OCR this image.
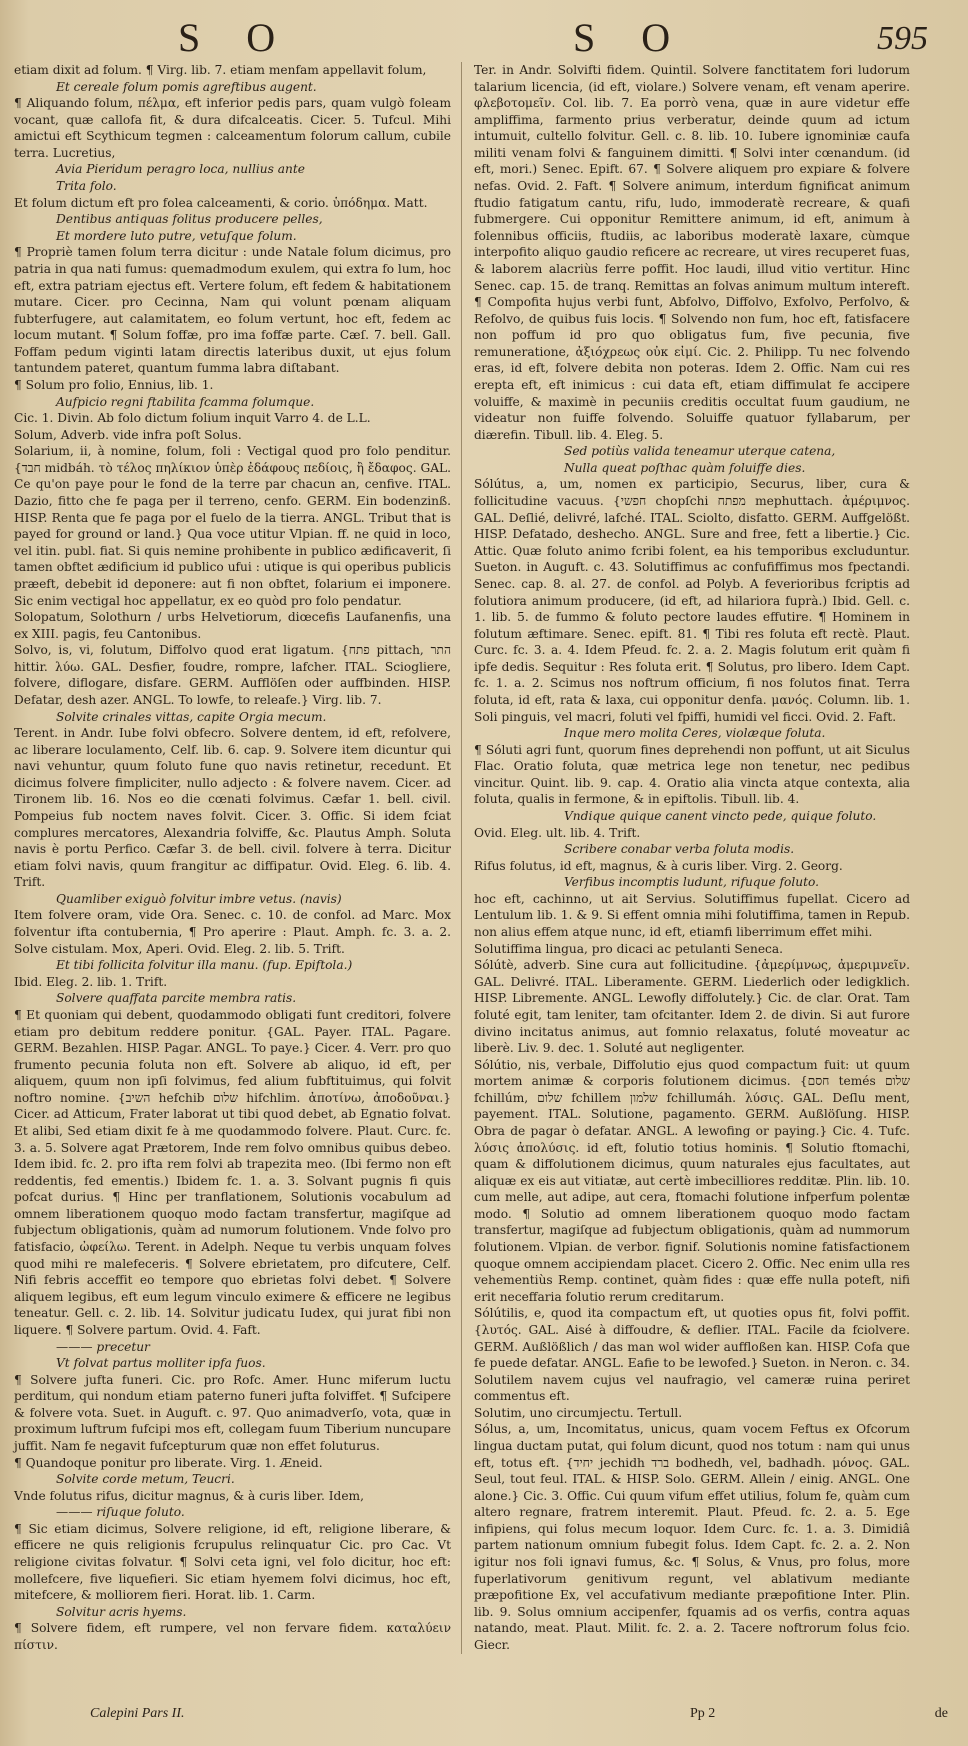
S O	S O	595

etiam dixit ad folum. ¶ Virg. lib. 7. etiam menfam appellavit folum,

Et cereale folum pomis agreftibus augent.

¶ Aliquando folum, πέλμα, eft inferior pedis pars, quam vulgò foleam vocant, quæ callofa fit, & dura difcalceatis. Cicer. 5. Tufcul. Mihi amictui eft Scythicum tegmen : calceamentum folorum callum, cubile terra. Lucretius,

Avia Pieridum peragro loca, nullius ante

Trita folo.

Et folum dictum eft pro folea calceamenti, & corio. ὑπόδημα. Matt.

Dentibus antiquas folitus producere pelles,

Et mordere luto putre, vetuſque folum.

¶ Propriè tamen folum terra dicitur : unde Natale folum dicimus, pro patria in qua nati fumus: quemadmodum exulem, qui extra fo lum, hoc eft, extra patriam ejectus eft. Vertere folum, eft fedem & habitationem mutare. Cicer. pro Cecinna, Nam qui volunt pœnam aliquam fubterfugere, aut calamitatem, eo folum vertunt, hoc eft, fedem ac locum mutant. ¶ Solum foffæ, pro ima foffæ parte. Cæſ. 7. bell. Gall. Foffam pedum viginti latam directis lateribus duxit, ut ejus folum tantundem pateret, quantum fumma labra diſtabant.

¶ Solum pro folio, Ennius, lib. 1.

Aufpicio regni ftabilita fcamma folumque.

Cic. 1. Divin. Ab folo dictum folium inquit Varro 4. de L.L.

Solum, Adverb. vide infra poſt Solus.

Solarium, ii, à nomine, folum, foli : Vectigal quod pro folo penditur. {חבד midbáh. τὸ τέλος πηλίκιον ὑπὲρ ἐδάφους πεδίοις, ἢ ἔδαφος. GAL. Ce qu'on paye pour le fond de la terre par chacun an, cenfive. ITAL. Dazio, fitto che fe paga per il terreno, cenfo. GERM. Ein bodenzinß. HISP. Renta que fe paga por el fuelo de la tierra. ANGL. Tribut that is payed for ground or land.} Qua voce utitur Vlpian. ff. ne quid in loco, vel itin. publ. fiat. Si quis nemine prohibente in publico ædificaverit, ſi tamen obftet ædificium id publico ufui : utique is qui operibus publicis præeft, debebit id deponere: aut fi non obftet, folarium ei imponere. Sic enim vectigal hoc appellatur, ex eo quòd pro folo pendatur.

Solopatum, Solothurn / urbs Helvetiorum, diœcefis Laufanenfis, una ex XIII. pagis, feu Cantonibus.

Solvo, is, vi, folutum, Diffolvo quod erat ligatum. {פתח pittach, התר hittir. λύω. GAL. Desfier, foudre, rompre, lafcher. ITAL. Sciogliere, folvere, diflogare, disfare. GERM. Aufflöſen oder auffbinden. HISP. Defatar, desh azer. ANGL. To lowfe, to releafe.} Virg. lib. 7.

Solvite crinales vittas, capite Orgia mecum.

Terent. in Andr. Iube folvi obfecro. Solvere dentem, id eft, refolvere, ac liberare loculamento, Celf. lib. 6. cap. 9. Solvere item dicuntur qui navi vehuntur, quum foluto fune quo navis retinetur, recedunt. Et dicimus folvere fimpliciter, nullo adjecto : & folvere navem. Cicer. ad Tironem lib. 16. Nos eo die cœnati folvimus. Cæfar 1. bell. civil. Pompeius fub noctem naves folvit. Cicer. 3. Offic. Si idem fciat complures mercatores, Alexandria folviffe, &c. Plautus Amph. Soluta navis è portu Perfico. Cæfar 3. de bell. civil. folvere à terra. Dicitur etiam folvi navis, quum frangitur ac diffipatur. Ovid. Eleg. 6. lib. 4. Trift.

Quamliber exiguò folvitur imbre vetus. (navis)

Item folvere oram, vide Ora. Senec. c. 10. de confol. ad Marc. Mox folventur ifta contubernia, ¶ Pro aperire : Plaut. Amph. fc. 3. a. 2. Solve cistulam. Mox, Aperi. Ovid. Eleg. 2. lib. 5. Trift.

Et tibi follicita folvitur illa manu. (fup. Epiftola.)

Ibid. Eleg. 2. lib. 1. Trift.

Solvere quaffata parcite membra ratis.

¶ Et quoniam qui debent, quodammodo obligati funt creditori, folvere etiam pro debitum reddere ponitur. {GAL. Payer. ITAL. Pagare. GERM. Bezahlen. HISP. Pagar. ANGL. To paye.} Cicer. 4. Verr. pro quo frumento pecunia foluta non eft. Solvere ab aliquo, id eft, per aliquem, quum non ipſi folvimus, fed alium fubftituimus, qui folvit noftro nomine. {השיב hefchib שלום hifchlim. ἀποτίνω, ἀποδοῦναι.} Cicer. ad Atticum, Frater laborat ut tibi quod debet, ab Egnatio folvat. Et alibi, Sed etiam dixit fe à me quodammodo folvere. Plaut. Curc. fc. 3. a. 5. Solvere agat Prætorem, Inde rem folvo omnibus quibus debeo. Idem ibid. fc. 2. pro ifta rem folvi ab trapezita meo. (Ibi fermo non eft reddentis, fed ementis.) Ibidem fc. 1. a. 3. Solvant pugnis fi quis pofcat durius. ¶ Hinc per tranflationem, Solutionis vocabulum ad omnem liberationem quoquo modo factam transfertur, magiſque ad fubjectum obligationis, quàm ad numorum folutionem. Vnde folvo pro fatisfacio, ὠφείλω. Terent. in Adelph. Neque tu verbis unquam folves quod mihi re malefeceris. ¶ Solvere ebrietatem, pro difcutere, Celf. Nifi febris acceffit eo tempore quo ebrietas folvi debet. ¶ Solvere aliquem legibus, eft eum legum vinculo eximere & efficere ne legibus teneatur. Gell. c. 2. lib. 14. Solvitur judicatu Iudex, qui jurat fibi non liquere. ¶ Solvere partum. Ovid. 4. Faft.

——— precetur

Vt folvat partus molliter ipfa fuos.

¶ Solvere jufta funeri. Cic. pro Rofc. Amer. Hunc miferum luctu perditum, qui nondum etiam paterno funeri jufta folviffet. ¶ Sufcipere & folvere vota. Suet. in Auguft. c. 97. Quo animadverſo, vota, quæ in proximum luftrum fufcipi mos eft, collegam fuum Tiberium nuncupare juffit. Nam fe negavit fufcepturum quæ non effet foluturus.

¶ Quandoque ponitur pro liberate. Virg. 1. Æneid.

Solvite corde metum, Teucri.

Vnde folutus rifus, dicitur magnus, & à curis liber. Idem,

——— riſuque foluto.

¶ Sic etiam dicimus, Solvere religione, id eft, religione liberare, & efficere ne quis religionis fcrupulus relinquatur Cic. pro Cac. Vt religione civitas folvatur. ¶ Solvi ceta igni, vel folo dicitur, hoc eft: mollefcere, five liquefieri. Sic etiam hyemem folvi dicimus, hoc eft, mitefcere, & molliorem fieri. Horat. lib. 1. Carm.

Solvitur acris hyems.

¶ Solvere fidem, eft rumpere, vel non fervare fidem. καταλύειν πίστιν.

Ter. in Andr. Solvifti fidem. Quintil. Solvere fanctitatem fori ludorum talarium licencia, (id eft, violare.) Solvere venam, eft venam aperire. φλεβοτομεῖν. Col. lib. 7. Ea porrò vena, quæ in aure videtur effe ampliffima, farmento prius verberatur, deinde quum ad ictum intumuit, cultello folvitur. Gell. c. 8. lib. 10. Iubere ignominiæ caufa militi venam folvi & fanguinem dimitti. ¶ Solvi inter cœnandum. (id eft, mori.) Senec. Epift. 67. ¶ Solvere aliquem pro expiare & folvere nefas. Ovid. 2. Faft. ¶ Solvere animum, interdum fignificat animum ftudio fatigatum cantu, rifu, ludo, immoderatè recreare, & quafi fubmergere. Cui opponitur Remittere animum, id eft, animum à folennibus officiis, ftudiis, ac laboribus moderatè laxare, cùmque interpofito aliquo gaudio reficere ac recreare, ut vires recuperet fuas, & laborem alacriùs ferre poffit. Hoc laudi, illud vitio vertitur. Hinc Senec. cap. 15. de tranq. Remittas an folvas animum multum intereft. ¶ Compofita hujus verbi funt, Abfolvo, Diffolvo, Exfolvo, Perfolvo, & Refolvo, de quibus fuis locis. ¶ Solvendo non fum, hoc eft, fatisfacere non poffum id pro quo obligatus fum, five pecunia, five remuneratione, ἀξιόχρεως οὐκ εἰμί. Cic. 2. Philipp. Tu nec folvendo eras, id eft, folvere debita non poteras. Idem 2. Offic. Nam cui res erepta eft, eft inimicus : cui data eft, etiam diffimulat fe accipere voluiffe, & maximè in pecuniis creditis occultat fuum gaudium, ne videatur non fuiffe folvendo. Soluiffe quatuor fyllabarum, per diærefin. Tibull. lib. 4. Eleg. 5.

Sed potiùs valida teneamur uterque catena,

Nulla queat poſthac quàm foluiffe dies.

Sólútus, a, um, nomen ex participio, Securus, liber, cura & follicitudine vacuus. {חפשי chopſchi מפתח mephuttach. ἀμέριμνος. GAL. Deſlié, delivré, lafché. ITAL. Sciolto, disfatto. GERM. Auffgelößt. HISP. Defatado, deshecho. ANGL. Sure and free, fett a libertie.} Cic. Attic. Quæ foluto animo fcribi folent, ea his temporibus excluduntur. Sueton. in Auguft. c. 43. Solutiffimus ac confufiffimus mos fpectandi. Senec. cap. 8. al. 27. de confol. ad Polyb. A feverioribus fcriptis ad folutiora animum producere, (id eft, ad hilariora fuprà.) Ibid. Gell. c. 1. lib. 5. de fummo & foluto pectore laudes effutire. ¶ Hominem in folutum æftimare. Senec. epift. 81. ¶ Tibi res foluta eft rectè. Plaut. Curc. fc. 3. a. 4. Idem Pfeud. fc. 2. a. 2. Magis folutum erit quàm fi ipfe dedis. Sequitur : Res foluta erit. ¶ Solutus, pro libero. Idem Capt. fc. 1. a. 2. Scimus nos noftrum officium, fi nos folutos finat. Terra foluta, id eft, rata & laxa, cui opponitur denfa. μανός. Column. lib. 1. Soli pinguis, vel macri, foluti vel fpiffi, humidi vel ficci. Ovid. 2. Faft.

Inque mero molita Ceres, violæque foluta.

¶ Sóluti agri funt, quorum fines deprehendi non poffunt, ut ait Siculus Flac. Oratio foluta, quæ metrica lege non tenetur, nec pedibus vincitur. Quint. lib. 9. cap. 4. Oratio alia vincta atque contexta, alia foluta, qualis in fermone, & in epiftolis. Tibull. lib. 4.

Vndique quique canent vincto pede, quique foluto.

Ovid. Eleg. ult. lib. 4. Trift.

Scribere conabar verba foluta modis.

Rifus folutus, id eft, magnus, & à curis liber. Virg. 2. Georg.

Verfibus incomptis ludunt, rifuque foluto.

hoc eft, cachinno, ut ait Servius. Solutiffimus fupellat. Cicero ad Lentulum lib. 1. & 9. Si effent omnia mihi folutiffima, tamen in Repub. non alius effem atque nunc, id eft, etiamfi liberrimum effet mihi.

Solutiffima lingua, pro dicaci ac petulanti Seneca.

Sólútè, adverb. Sine cura aut follicitudine. {ἀμερίμνως, ἀμεριμνεῖν. GAL. Delivré. ITAL. Liberamente. GERM. Liederlich oder ledigklich. HISP. Libremente. ANGL. Lewofly diffolutely.} Cic. de clar. Orat. Tam foluté egit, tam leniter, tam ofcitanter. Idem 2. de divin. Si aut furore divino incitatus animus, aut fomnio relaxatus, foluté moveatur ac liberè. Liv. 9. dec. 1. Soluté aut negligenter.

Sólútio, nis, verbale, Diffolutio ejus quod compactum fuit: ut quum mortem animæ & corporis folutionem dicimus. {חסם temés שלום fchillúm, שלום fchillem שלמון fchillumáh. λύσις. GAL. Deſlu ment, payement. ITAL. Solutione, pagamento. GERM. Außlöſung. HISP. Obra de pagar ò defatar. ANGL. A lewofing or paying.} Cic. 4. Tufc. λύσις ἀπολύσις. id eft, folutio totius hominis. ¶ Solutio ftomachi, quam & diffolutionem dicimus, quum naturales ejus facultates, aut aliquæ ex eis aut vitiatæ, aut certè imbecilliores redditæ. Plin. lib. 10. cum melle, aut adipe, aut cera, ftomachi folutione infperfum polentæ modo. ¶ Solutio ad omnem liberationem quoquo modo factam transfertur, magiſque ad fubjectum obligationis, quàm ad nummorum folutionem. Vlpian. de verbor. fignif. Solutionis nomine fatisfactionem quoque omnem accipiendam placet. Cicero 2. Offic. Nec enim ulla res vehementiùs Remp. continet, quàm fides : quæ effe nulla poteft, nifi erit neceffaria folutio rerum creditarum.

Sólútilis, e, quod ita compactum eft, ut quoties opus fit, folvi poffit. {λυτός. GAL. Aisé à diffoudre, & deflier. ITAL. Facile da fciolvere. GERM. Außlößlich / das man wol wider auffloßen kan. HISP. Cofa que fe puede defatar. ANGL. Eafie to be lewofed.} Sueton. in Neron. c. 34. Solutilem navem cujus vel naufragio, vel cameræ ruina periret commentus eft.

Solutim, uno circumjectu. Tertull.

Sólus, a, um, Incomitatus, unicus, quam vocem Feftus ex Ofcorum lingua ductam putat, qui folum dicunt, quod nos totum : nam qui unus eft, totus eft. {יחיד jechidh ברד bodhedh, vel, badhadh. μόνος. GAL. Seul, tout feul. ITAL. & HISP. Solo. GERM. Allein / einig. ANGL. One alone.} Cic. 3. Offic. Cui quum vifum effet utilius, folum fe, quàm cum altero regnare, fratrem interemit. Plaut. Pfeud. fc. 2. a. 5. Ege infipiens, qui folus mecum loquor. Idem Curc. fc. 1. a. 3. Dimidiâ partem nationum omnium fubegit folus. Idem Capt. fc. 2. a. 2. Non igitur nos foli ignavi fumus, &c. ¶ Solus, & Vnus, pro folus, more fuperlativorum genitivum regunt, vel ablativum mediante præpofitione Ex, vel accufativum mediante præpofitione Inter. Plin. lib. 9. Solus omnium accipenfer, fquamis ad os verfis, contra aquas natando, meat. Plaut. Milit. fc. 2. a. 2. Tacere noftrorum folus fcio. Giecr.

Calepini Pars II.	Pp 2	de
